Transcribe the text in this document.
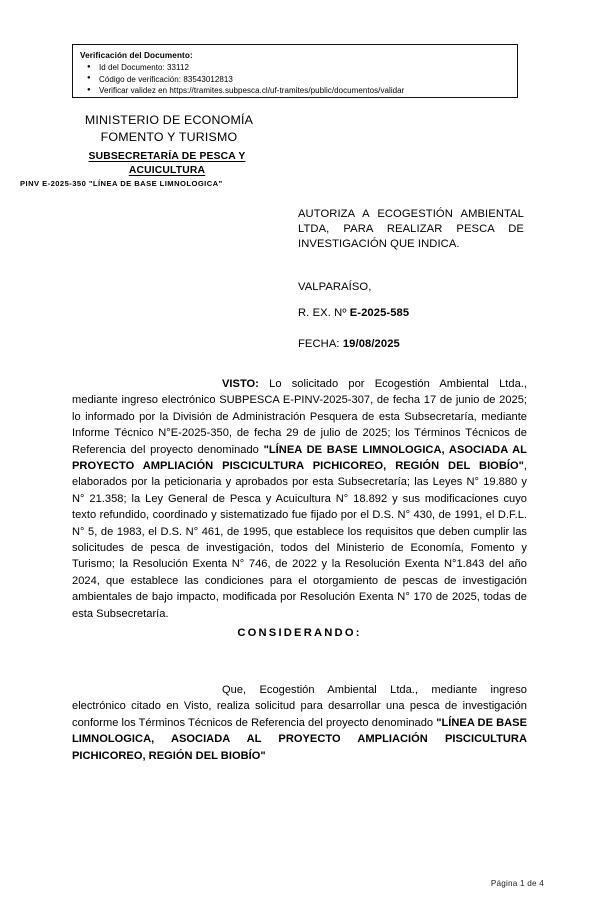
Verificación del Documento:
● Id del Documento: 33112
● Código de verificación: 83543012813
● Verificar validez en https://tramites.subpesca.cl/uf-tramites/public/documentos/validar
MINISTERIO DE ECONOMÍA
FOMENTO Y TURISMO
SUBSECRETARÍA DE PESCA Y
ACUICULTURA
PINV E-2025-350 "LÍNEA DE BASE LIMNOLOGICA"
AUTORIZA A ECOGESTIÓN AMBIENTAL LTDA, PARA REALIZAR PESCA DE INVESTIGACIÓN QUE INDICA.
VALPARAÍSO,
R. EX. Nº E-2025-585
FECHA: 19/08/2025
VISTO: Lo solicitado por Ecogestión Ambiental Ltda., mediante ingreso electrónico SUBPESCA E-PINV-2025-307, de fecha 17 de junio de 2025; lo informado por la División de Administración Pesquera de esta Subsecretaría, mediante Informe Técnico N°E-2025-350, de fecha 29 de julio de 2025; los Términos Técnicos de Referencia del proyecto denominado "LÍNEA DE BASE LIMNOLOGICA, ASOCIADA AL PROYECTO AMPLIACIÓN PISCICULTURA PICHICOREO, REGIÓN DEL BIOBÍO", elaborados por la peticionaria y aprobados por esta Subsecretaría; las Leyes N° 19.880 y N° 21.358; la Ley General de Pesca y Acuicultura N° 18.892 y sus modificaciones cuyo texto refundido, coordinado y sistematizado fue fijado por el D.S. N° 430, de 1991, el D.F.L. N° 5, de 1983, el D.S. N° 461, de 1995, que establece los requisitos que deben cumplir las solicitudes de pesca de investigación, todos del Ministerio de Economía, Fomento y Turismo; la Resolución Exenta N° 746, de 2022 y la Resolución Exenta N°1.843 del año 2024, que establece las condiciones para el otorgamiento de pescas de investigación ambientales de bajo impacto, modificada por Resolución Exenta N° 170 de 2025, todas de esta Subsecretaría.
CONSIDERANDO:
Que, Ecogestión Ambiental Ltda., mediante ingreso electrónico citado en Visto, realiza solicitud para desarrollar una pesca de investigación conforme los Términos Técnicos de Referencia del proyecto denominado "LÍNEA DE BASE LIMNOLOGICA, ASOCIADA AL PROYECTO AMPLIACIÓN PISCICULTURA PICHICOREO, REGIÓN DEL BIOBÍO"
Página 1 de 4
